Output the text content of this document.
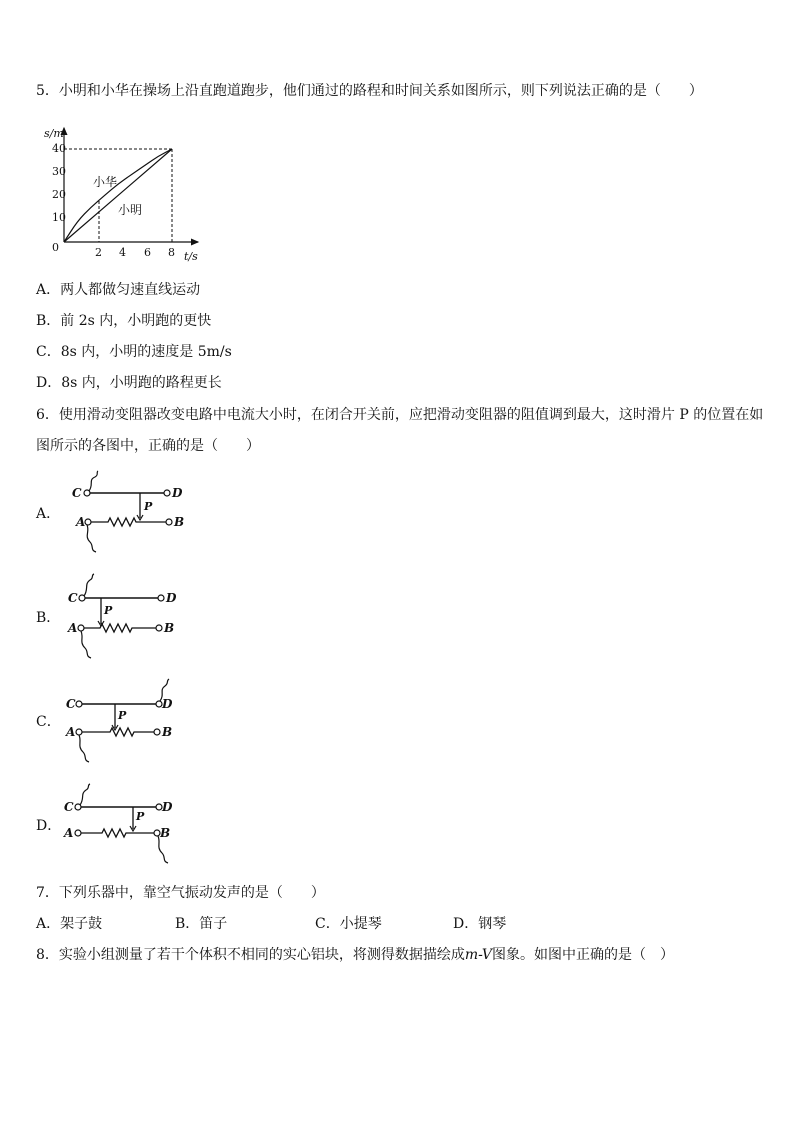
5．小明和小华在操场上沿直跑道跑步，他们通过的路程和时间关系如图所示，则下列说法正确的是（　　）
s/m
t/s
0
10
20
30
40
2 4 6 8
小华
小明
A．两人都做匀速直线运动
B．前 2s 内，小明跑的更快
C．8s 内，小明的速度是 5m/s
D．8s 内，小明跑的路程更长
6．使用滑动变阻器改变电路中电流大小时，在闭合开关前，应把滑动变阻器的阻值调到最大，这时滑片 P 的位置在如
图所示的各图中，正确的是（　　）
A．
C	D
A	B
P
B．
C	D
A	B
P
C．
C	D
A	B
P
D．
C	D
A	B
P
7．下列乐器中，靠空气振动发声的是（　　）
A．架子鼓	B．笛子	C．小提琴	D．钢琴
8．实验小组测量了若干个体积不相同的实心铝块，将测得数据描绘成m-V图象。如图中正确的是（　）
